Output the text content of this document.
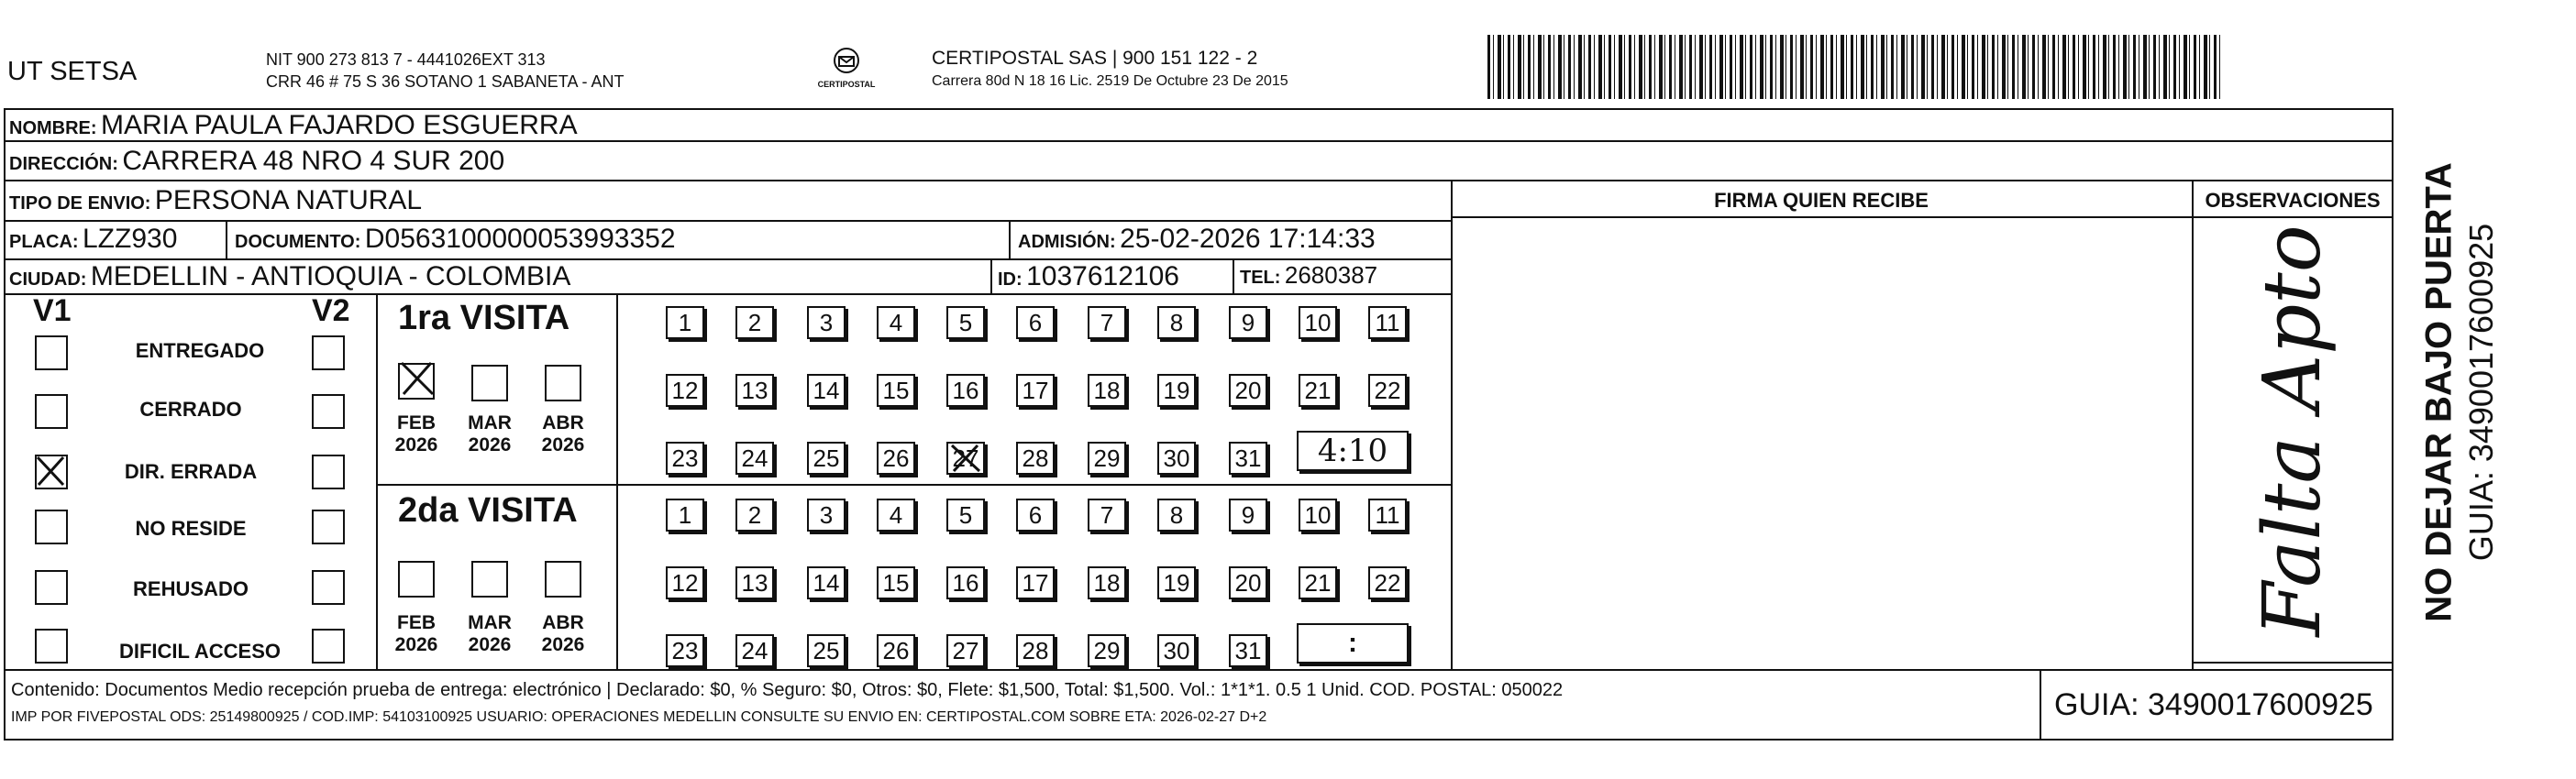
UT SETSA	NIT 900 273 813 7 - 4441026EXT 313
CRR 46 # 75 S 36 SOTANO 1 SABANETA - ANT	CERTIPOSTAL
CERTIPOSTAL SAS | 900 151 122 - 2
Carrera 80d N 18 16 Lic. 2519 De Octubre 23 De 2015
NOMBRE: MARIA PAULA FAJARDO ESGUERRA
DIRECCIÓN: CARRERA 48 NRO 4 SUR 200
TIPO DE ENVIO: PERSONA NATURAL	FIRMA QUIEN RECIBE	OBSERVACIONES
PLACA: LZZ930	DOCUMENTO: D0563100000053993352	ADMISIÓN: 25-02-2026 17:14:33
CIUDAD: MEDELLIN - ANTIOQUIA - COLOMBIA	ID: 1037612106	TEL: 2680387
V1	V2
ENTREGADO
CERRADO
DIR. ERRADA
NO RESIDE
REHUSADO
DIFICIL ACCESO
1ra VISITA
FEB
2026
MAR
2026
ABR
2026
2da VISITA
FEB
2026
MAR
2026
ABR
2026
1	2	3	4	5	6	7	8	9	10 11
12 13 14 15 16 17 18 19 20 21 22
23 24 25 26 27 28 29 30 31
1	2	3	4	5	6	7	8	9	10 11
12 13 14 15 16 17 18 19 20 21 22
23 24 25 26 27 28 29 30 31
4:10
:
Falta Apto NO DEJAR BAJO PUERTA GUIA: 3490017600925
Contenido: Documentos Medio recepción prueba de entrega: electrónico | Declarado: $0, % Seguro: $0, Otros: $0, Flete: $1,500, Total: $1,500. Vol.: 1*1*1. 0.5 1 Unid. COD. POSTAL: 050022
IMP POR FIVEPOSTAL ODS: 25149800925 / COD.IMP: 54103100925 USUARIO: OPERACIONES MEDELLIN CONSULTE SU ENVIO EN: CERTIPOSTAL.COM SOBRE ETA: 2026-02-27 D+2	GUIA: 3490017600925
